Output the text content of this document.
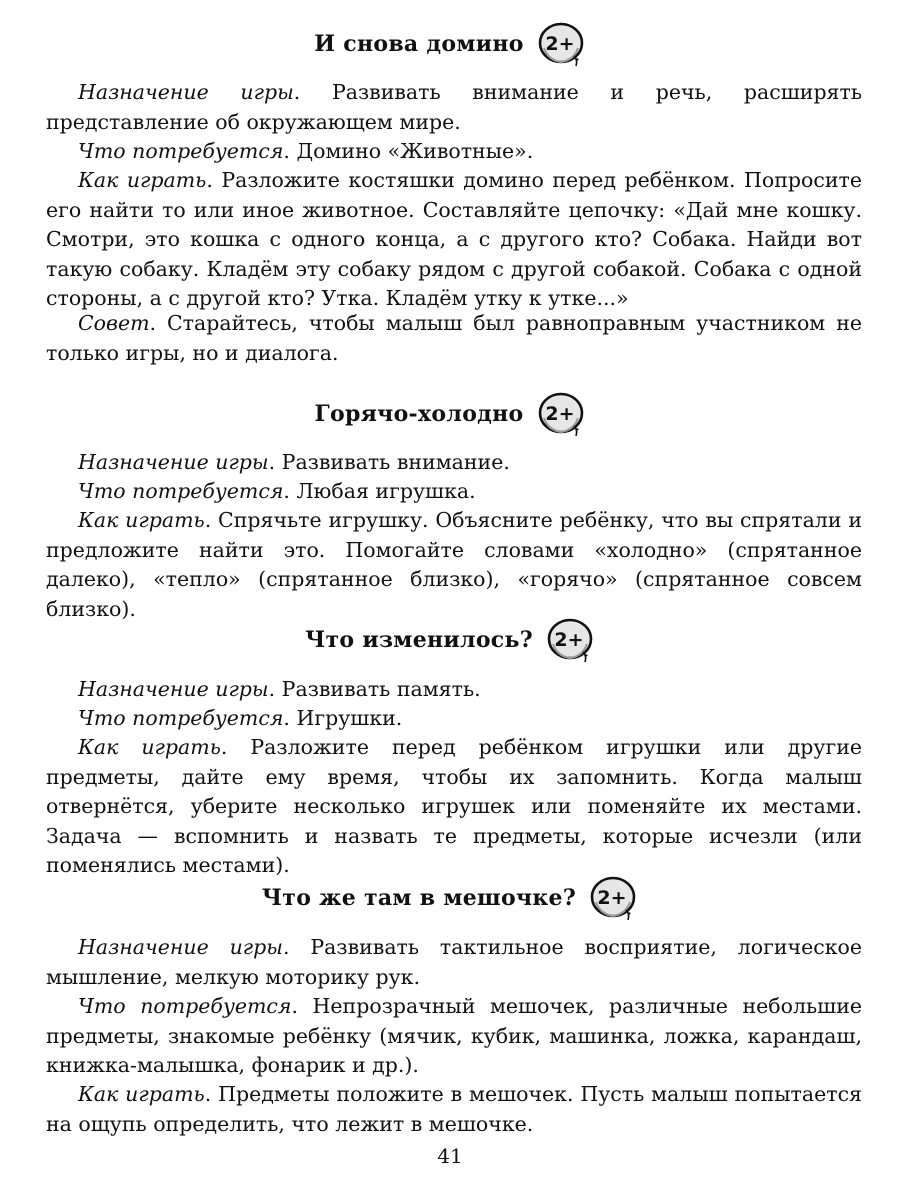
И снова домино 2+

Назначение игры. Развивать внимание и речь, расширять представление об окружающем мире.

Что потребуется. Домино «Животные».

Как играть. Разложите костяшки домино перед ребёнком. Попросите его найти то или иное животное. Составляйте цепочку: «Дай мне кошку. Смотри, это кошка с одного конца, а с другого кто? Собака. Найди вот такую собаку. Кладём эту собаку рядом с другой собакой. Собака с одной стороны, а с другой кто? Утка. Кладём утку к утке...»

Совет. Старайтесь, чтобы малыш был равноправным участником не только игры, но и диалога.

Горячо-холодно 2+

Назначение игры. Развивать внимание.

Что потребуется. Любая игрушка.

Как играть. Спрячьте игрушку. Объясните ребёнку, что вы спрятали и предложите найти это. Помогайте словами «холодно» (спрятанное далеко), «тепло» (спрятанное близко), «горячо» (спрятанное совсем близко).

Что изменилось? 2+

Назначение игры. Развивать память.

Что потребуется. Игрушки.

Как играть. Разложите перед ребёнком игрушки или другие предметы, дайте ему время, чтобы их запомнить. Когда малыш отвернётся, уберите несколько игрушек или поменяйте их местами. Задача — вспомнить и назвать те предметы, которые исчезли (или поменялись местами).

Что же там в мешочке? 2+

Назначение игры. Развивать тактильное восприятие, логическое мышление, мелкую моторику рук.

Что потребуется. Непрозрачный мешочек, различные небольшие предметы, знакомые ребёнку (мячик, кубик, машинка, ложка, карандаш, книжка-малышка, фонарик и др.).

Как играть. Предметы положите в мешочек. Пусть малыш попытается на ощупь определить, что лежит в мешочке.

41
